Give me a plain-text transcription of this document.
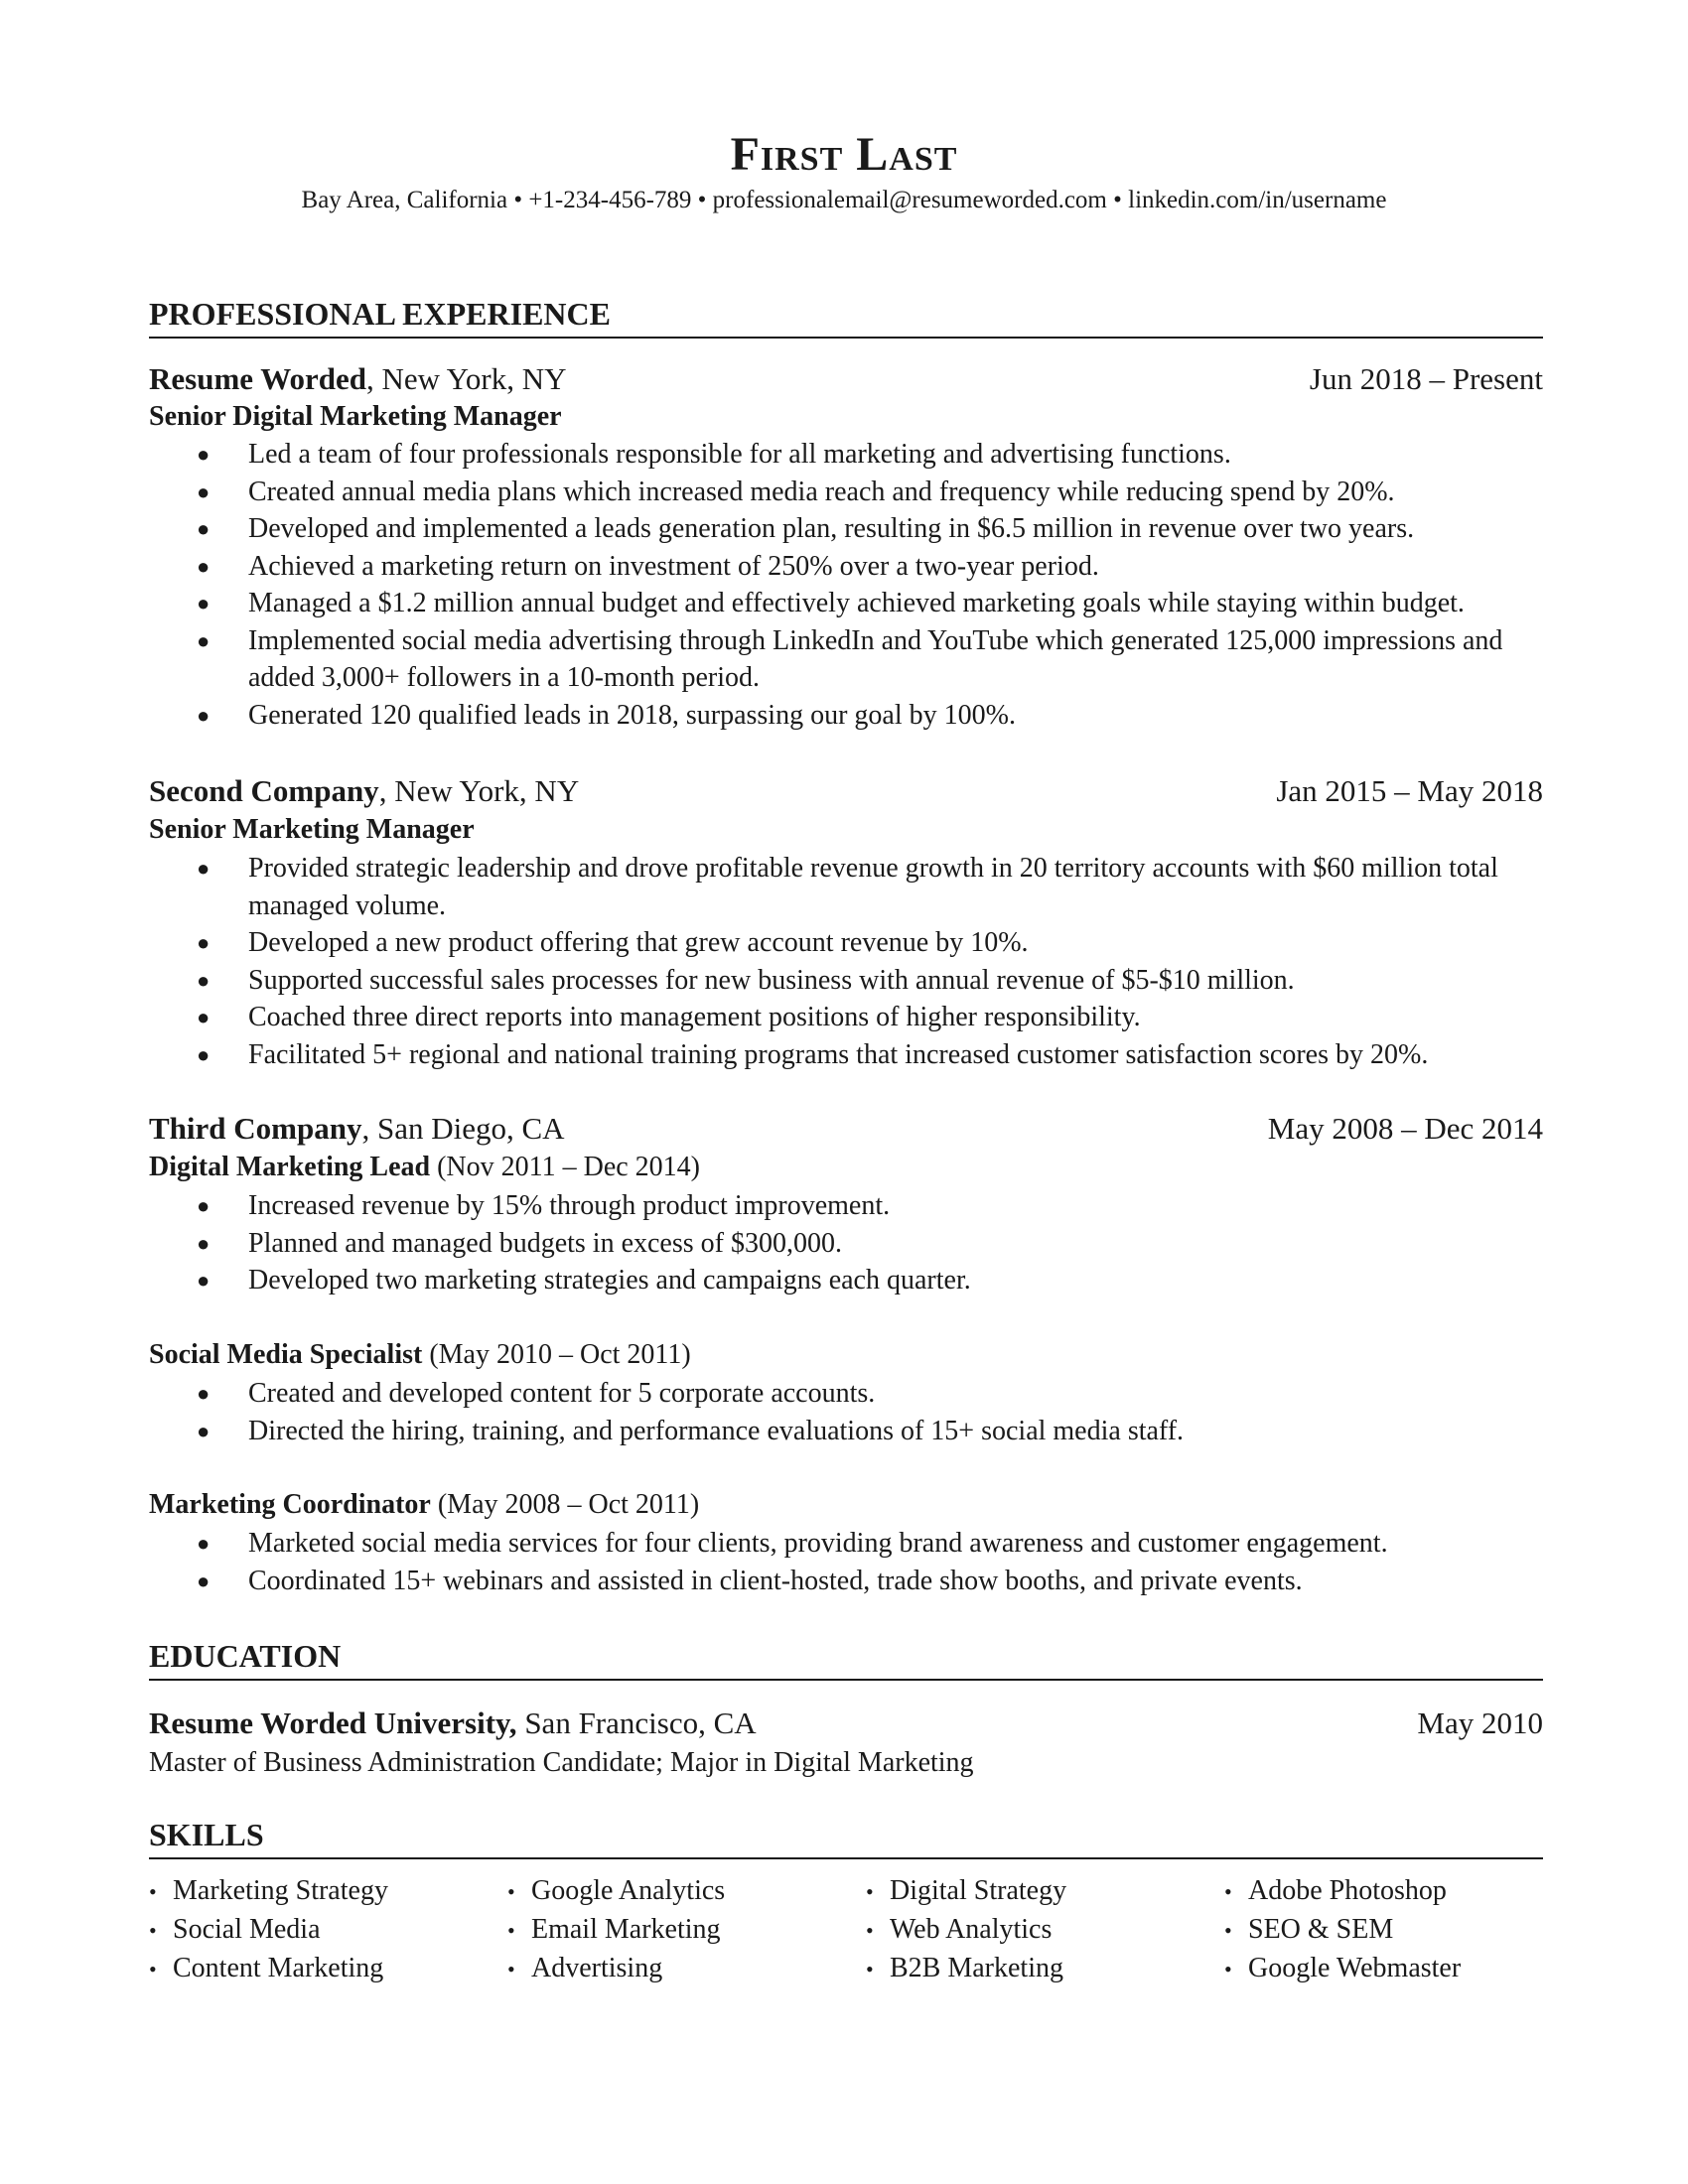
First Last
Bay Area, California • +1-234-456-789 • professionalemail@resumeworded.com • linkedin.com/in/username
PROFESSIONAL EXPERIENCE
Resume Worded, New York, NY	Jun 2018 – Present
Senior Digital Marketing Manager
● Led a team of four professionals responsible for all marketing and advertising functions.
● Created annual media plans which increased media reach and frequency while reducing spend by 20%.
● Developed and implemented a leads generation plan, resulting in $6.5 million in revenue over two years.
● Achieved a marketing return on investment of 250% over a two-year period.
● Managed a $1.2 million annual budget and effectively achieved marketing goals while staying within budget.
● Implemented social media advertising through LinkedIn and YouTube which generated 125,000 impressions and added 3,000+ followers in a 10-month period.
● Generated 120 qualified leads in 2018, surpassing our goal by 100%.
Second Company, New York, NY	Jan 2015 – May 2018
Senior Marketing Manager
● Provided strategic leadership and drove profitable revenue growth in 20 territory accounts with $60 million total managed volume.
● Developed a new product offering that grew account revenue by 10%.
● Supported successful sales processes for new business with annual revenue of $5-$10 million.
● Coached three direct reports into management positions of higher responsibility.
● Facilitated 5+ regional and national training programs that increased customer satisfaction scores by 20%.
Third Company, San Diego, CA	May 2008 – Dec 2014
Digital Marketing Lead (Nov 2011 – Dec 2014)
● Increased revenue by 15% through product improvement.
● Planned and managed budgets in excess of $300,000.
● Developed two marketing strategies and campaigns each quarter.
Social Media Specialist (May 2010 – Oct 2011)
● Created and developed content for 5 corporate accounts.
● Directed the hiring, training, and performance evaluations of 15+ social media staff.
Marketing Coordinator (May 2008 – Oct 2011)
● Marketed social media services for four clients, providing brand awareness and customer engagement.
● Coordinated 15+ webinars and assisted in client-hosted, trade show booths, and private events.
EDUCATION
Resume Worded University, San Francisco, CA	May 2010
Master of Business Administration Candidate; Major in Digital Marketing
SKILLS
• Marketing Strategy	• Google Analytics	• Digital Strategy	• Adobe Photoshop
• Social Media	• Email Marketing	• Web Analytics	• SEO & SEM
• Content Marketing	• Advertising	• B2B Marketing	• Google Webmaster
